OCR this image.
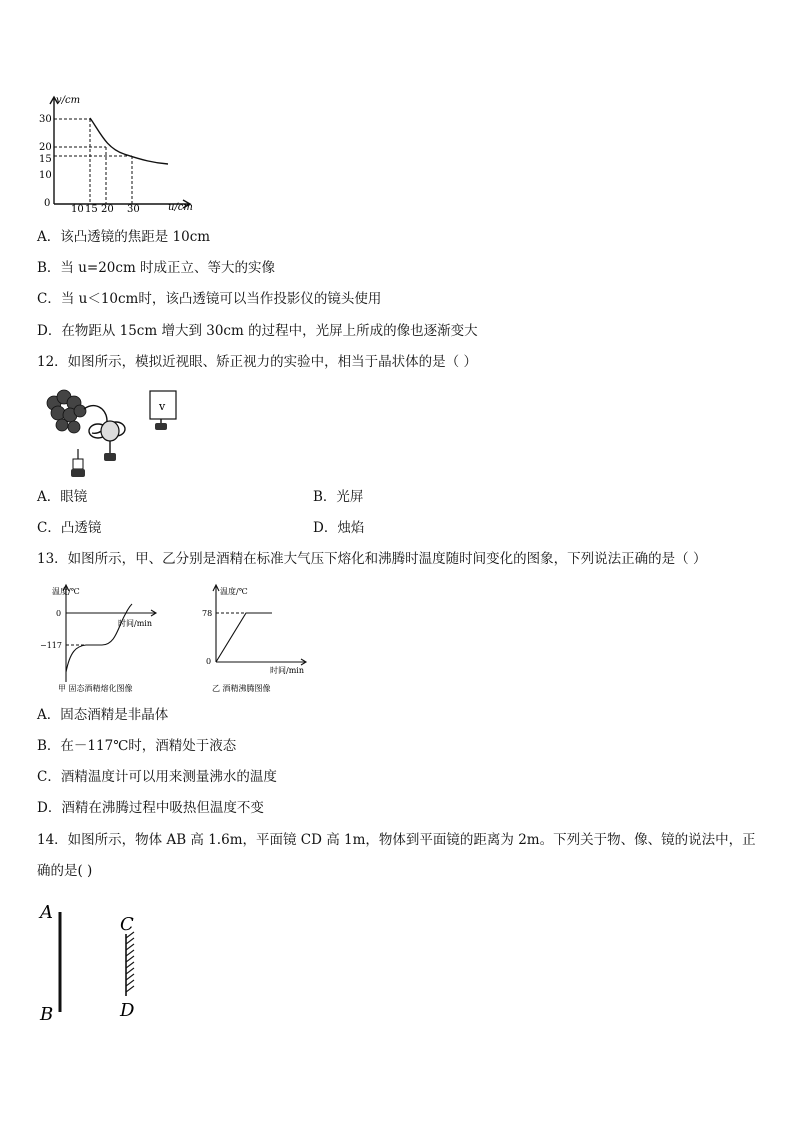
v/cm
u/cm
30
20
15
10
0
10 15 20 30
A．该凸透镜的焦距是 10cm
B．当 u=20cm 时成正立、等大的实像
C．当 u＜10cm时，该凸透镜可以当作投影仪的镜头使用
D．在物距从 15cm 增大到 30cm 的过程中，光屏上所成的像也逐渐变大
12．如图所示，模拟近视眼、矫正视力的实验中，相当于晶状体的是（ ）
v
A．眼镜	B．光屏
C．凸透镜	D．烛焰
13．如图所示，甲、乙分别是酒精在标准大气压下熔化和沸腾时温度随时间变化的图象，下列说法正确的是（ ）
温度/℃
时间/min
0
−117
甲 固态酒精熔化图像
温度/℃
时间/min
78
0
乙 酒精沸腾图像
A．固态酒精是非晶体
B．在－117℃时，酒精处于液态
C．酒精温度计可以用来测量沸水的温度
D．酒精在沸腾过程中吸热但温度不变
14．如图所示，物体 AB 高 1.6m，平面镜 CD 高 1m，物体到平面镜的距离为 2m。下列关于物、像、镜的说法中，正
确的是( )
A
B
C
D
